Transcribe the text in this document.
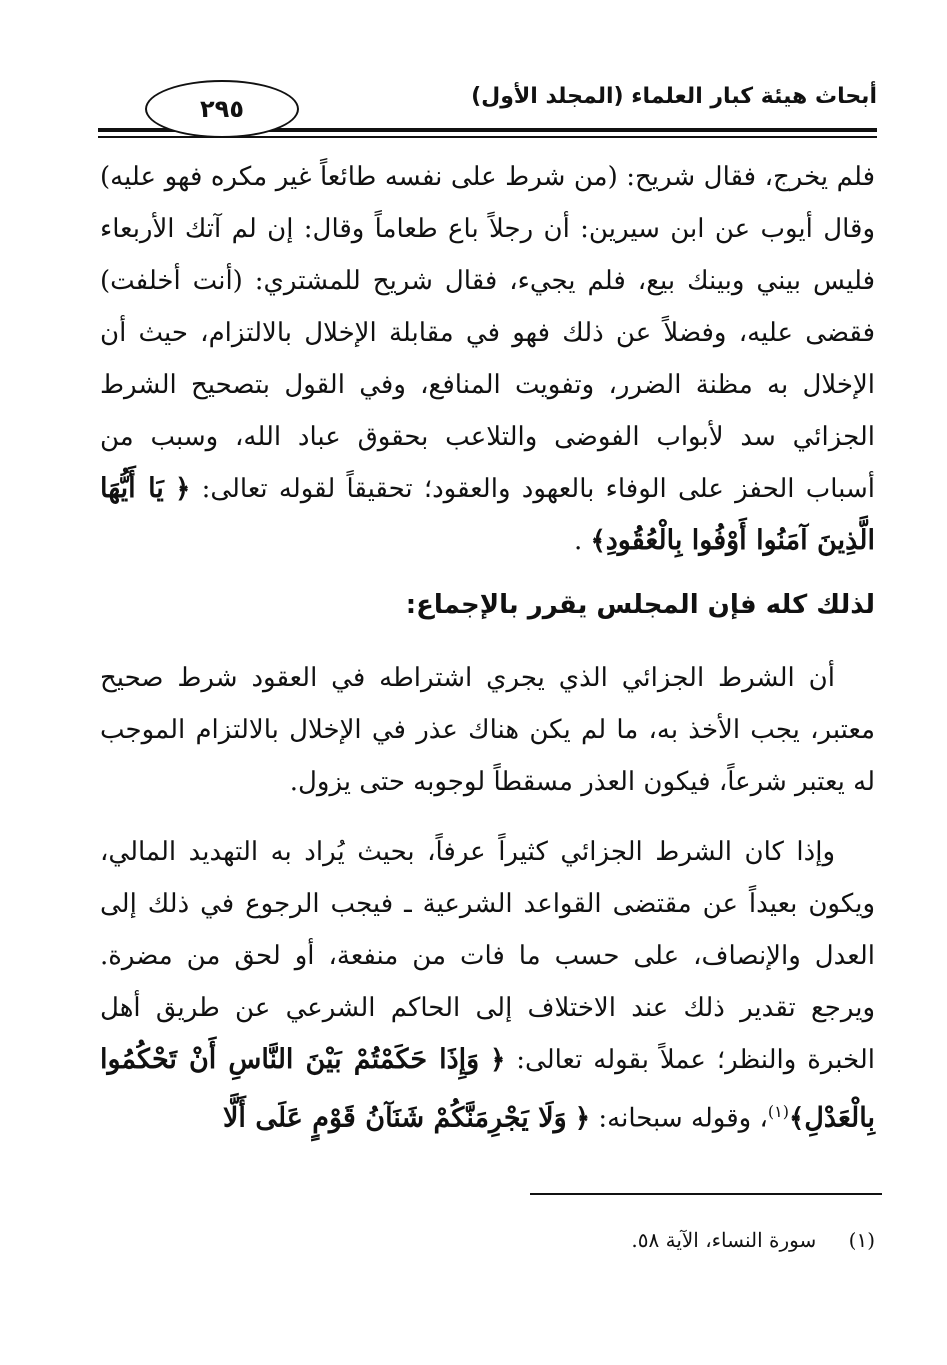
أبحاث هيئة كبار العلماء (المجلد الأول)
٢٩٥

فلم يخرج، فقال شريح: (من شرط على نفسه طائعاً غير مكره فهو عليه) وقال أيوب عن ابن سيرين: أن رجلاً باع طعاماً وقال: إن لم آتك الأربعاء فليس بيني وبينك بيع، فلم يجيء، فقال شريح للمشتري: (أنت أخلفت) فقضى عليه، وفضلاً عن ذلك فهو في مقابلة الإخلال بالالتزام، حيث أن الإخلال به مظنة الضرر، وتفويت المنافع، وفي القول بتصحيح الشرط الجزائي سد لأبواب الفوضى والتلاعب بحقوق عباد الله، وسبب من أسباب الحفز على الوفاء بالعهود والعقود؛ تحقيقاً لقوله تعالى: ﴿ يَا أَيُّهَا الَّذِينَ آمَنُوا أَوْفُوا بِالْعُقُودِ﴾ .

لذلك كله فإن المجلس يقرر بالإجماع:

أن الشرط الجزائي الذي يجري اشتراطه في العقود شرط صحيح معتبر، يجب الأخذ به، ما لم يكن هناك عذر في الإخلال بالالتزام الموجب له يعتبر شرعاً، فيكون العذر مسقطاً لوجوبه حتى يزول.

وإذا كان الشرط الجزائي كثيراً عرفاً، بحيث يُراد به التهديد المالي، ويكون بعيداً عن مقتضى القواعد الشرعية ـ فيجب الرجوع في ذلك إلى العدل والإنصاف، على حسب ما فات من منفعة، أو لحق من مضرة. ويرجع تقدير ذلك عند الاختلاف إلى الحاكم الشرعي عن طريق أهل الخبرة والنظر؛ عملاً بقوله تعالى: ﴿ وَإِذَا حَكَمْتُمْ بَيْنَ النَّاسِ أَنْ تَحْكُمُوا بِالْعَدْلِ﴾$^{(١)}$، وقوله سبحانه: ﴿ وَلَا يَجْرِمَنَّكُمْ شَنَآنُ قَوْمٍ عَلَى أَلَّا

(١) سورة النساء، الآية ٥٨.
